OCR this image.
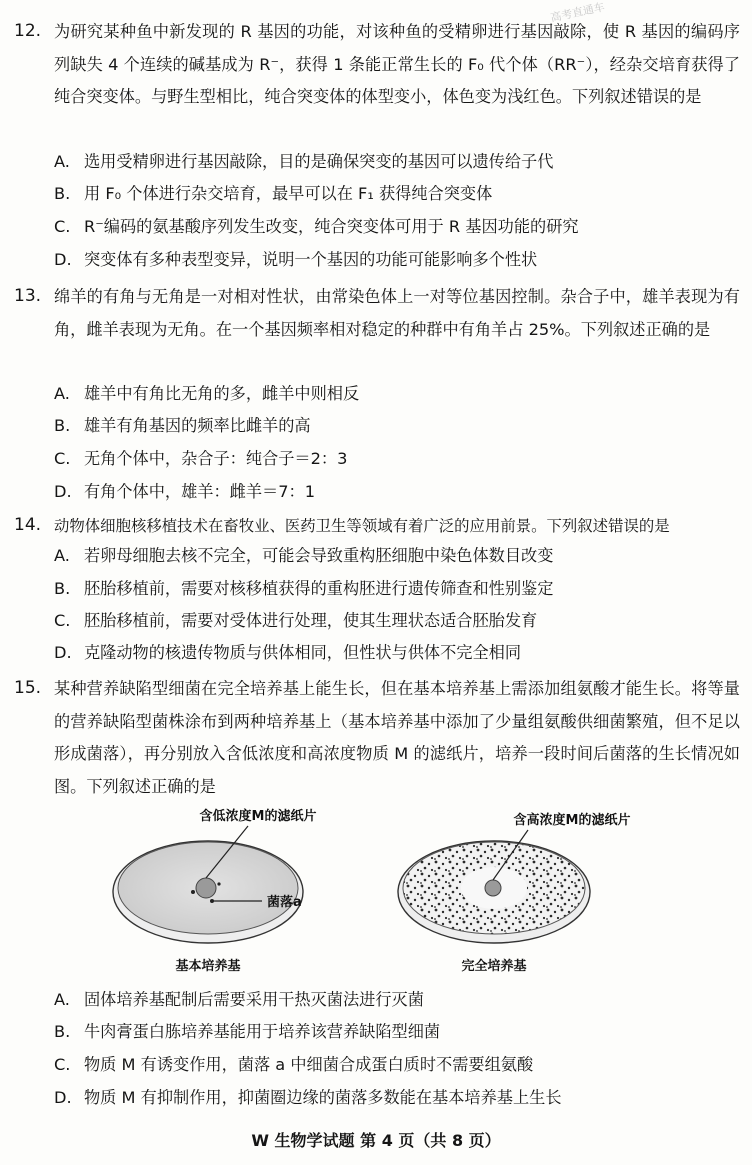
高考直通车
12. 为研究某种鱼中新发现的 R 基因的功能，对该种鱼的受精卵进行基因敲除，使 R 基因的编码序列缺失 4 个连续的碱基成为 R⁻，获得 1 条能正常生长的 F₀ 代个体（RR⁻），经杂交培育获得了纯合突变体。与野生型相比，纯合突变体的体型变小，体色变为浅红色。下列叙述错误的是
A. 选用受精卵进行基因敲除，目的是确保突变的基因可以遗传给子代
B. 用 F₀ 个体进行杂交培育，最早可以在 F₁ 获得纯合突变体
C. R⁻编码的氨基酸序列发生改变，纯合突变体可用于 R 基因功能的研究
D. 突变体有多种表型变异，说明一个基因的功能可能影响多个性状
13. 绵羊的有角与无角是一对相对性状，由常染色体上一对等位基因控制。杂合子中，雄羊表现为有角，雌羊表现为无角。在一个基因频率相对稳定的种群中有角羊占 25%。下列叙述正确的是
A. 雄羊中有角比无角的多，雌羊中则相反
B. 雄羊有角基因的频率比雌羊的高
C. 无角个体中，杂合子：纯合子＝2：3
D. 有角个体中，雄羊：雌羊＝7：1
14. 动物体细胞核移植技术在畜牧业、医药卫生等领域有着广泛的应用前景。下列叙述错误的是
A. 若卵母细胞去核不完全，可能会导致重构胚细胞中染色体数目改变
B. 胚胎移植前，需要对核移植获得的重构胚进行遗传筛查和性别鉴定
C. 胚胎移植前，需要对受体进行处理，使其生理状态适合胚胎发育
D. 克隆动物的核遗传物质与供体相同，但性状与供体不完全相同
15. 某种营养缺陷型细菌在完全培养基上能生长，但在基本培养基上需添加组氨酸才能生长。将等量的营养缺陷型菌株涂布到两种培养基上（基本培养基中添加了少量组氨酸供细菌繁殖，但不足以形成菌落），再分别放入含低浓度和高浓度物质 M 的滤纸片，培养一段时间后菌落的生长情况如图。下列叙述正确的是
含低浓度M的滤纸片	含高浓度M的滤纸片
菌落a
基本培养基	完全培养基
A. 固体培养基配制后需要采用干热灭菌法进行灭菌
B. 牛肉膏蛋白胨培养基能用于培养该营养缺陷型细菌
C. 物质 M 有诱变作用，菌落 a 中细菌合成蛋白质时不需要组氨酸
D. 物质 M 有抑制作用，抑菌圈边缘的菌落多数能在基本培养基上生长
W 生物学试题 第 4 页（共 8 页）
